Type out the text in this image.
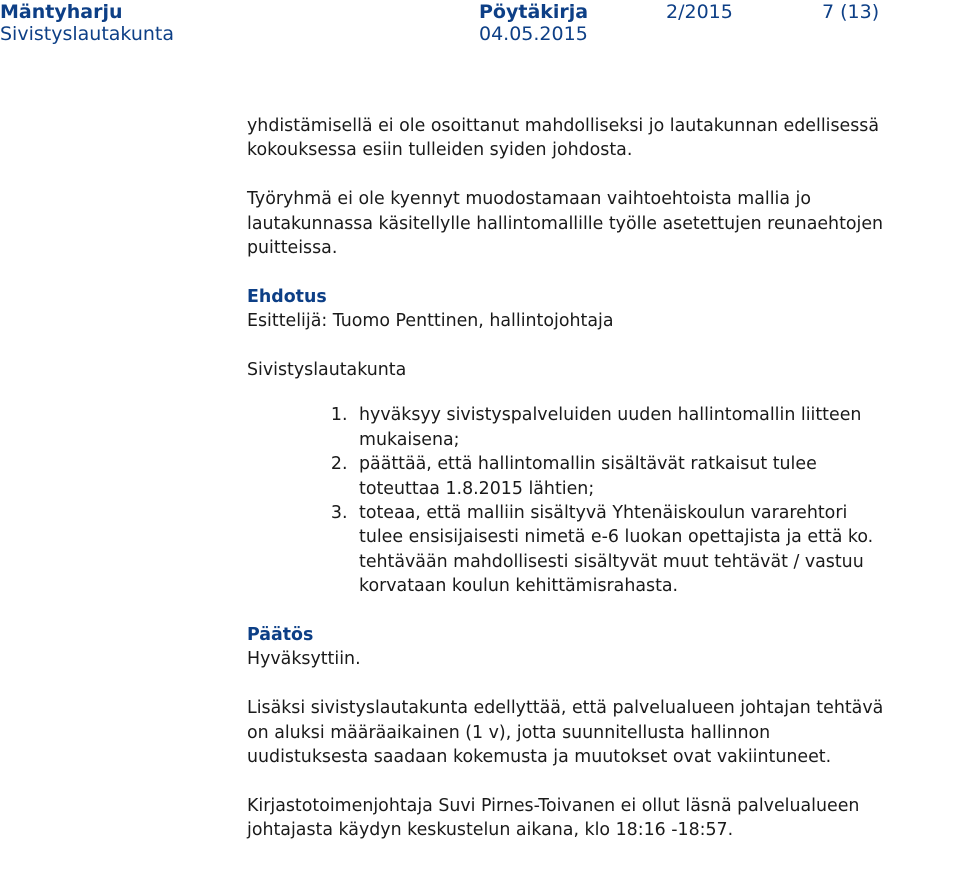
Mäntyharju	Pöytäkirja	2/2015	7 (13)
Sivistyslautakunta	04.05.2015

yhdistämisellä ei ole osoittanut mahdolliseksi jo lautakunnan edellisessä kokouksessa esiin tulleiden syiden johdosta.

Työryhmä ei ole kyennyt muodostamaan vaihtoehtoista mallia jo lautakunnassa käsitellylle hallintomallille työlle asetettujen reunaehtojen puitteissa.

Ehdotus

Esittelijä: Tuomo Penttinen, hallintojohtaja

Sivistyslautakunta

1. hyväksyy sivistyspalveluiden uuden hallintomallin liitteen mukaisena;
2. päättää, että hallintomallin sisältävät ratkaisut tulee toteuttaa 1.8.2015 lähtien;
3. toteaa, että malliin sisältyvä Yhtenäiskoulun vararehtori tulee ensisijaisesti nimetä e-6 luokan opettajista ja että ko. tehtävään mahdollisesti sisältyvät muut tehtävät / vastuu korvataan koulun kehittämisrahasta.

Päätös

Hyväksyttiin.

Lisäksi sivistyslautakunta edellyttää, että palvelualueen johtajan tehtävä on aluksi määräaikainen (1 v), jotta suunnitellusta hallinnon uudistuksesta saadaan kokemusta ja muutokset ovat vakiintuneet.

Kirjastotoimenjohtaja Suvi Pirnes-Toivanen ei ollut läsnä palvelualueen johtajasta käydyn keskustelun aikana, klo 18:16 -18:57.
